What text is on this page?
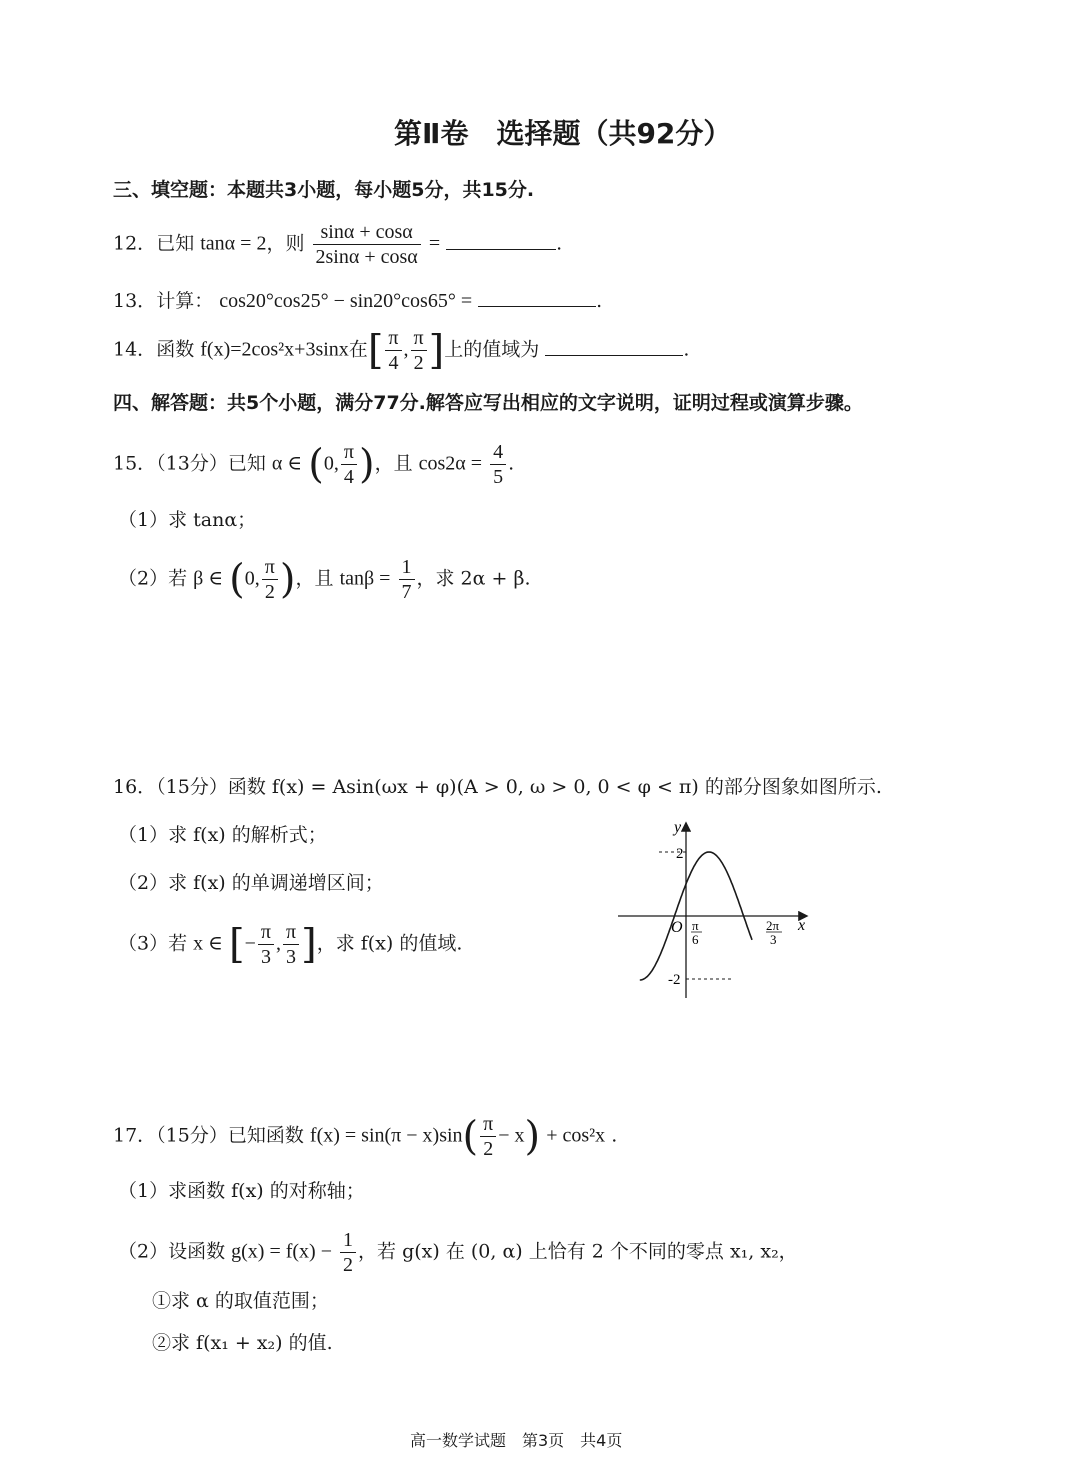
第Ⅱ卷　选择题（共92分）
三、填空题：本题共3小题，每小题5分，共15分.
12．已知 tanα = 2，则 $\frac{\sin\alpha + \cos\alpha}{2\sin\alpha + \cos\alpha}$ =	.
13．计算： cos20°cos25° − sin20°cos65° =	.
14．函数 f(x)=2cos²x+3sinx在[ $\frac{\pi}{4}$ , $\frac{\pi}{2}$ ]上的值域为	.
四、解答题：共5个小题，满分77分.解答应写出相应的文字说明，证明过程或演算步骤。
15．（13分）已知 α ∈ (0, $\frac{\pi}{4}$ )，且 $\cos 2\alpha = \frac{4}{5}$ .
（1）求 tanα；
（2）若 β ∈ (0, $\frac{\pi}{2}$ )，且 $\tan\beta = \frac{1}{7}$ ，求 2α + β.
16．（15分）函数 f(x) = Asin(ωx + φ)(A > 0, ω > 0, 0 < φ < π) 的部分图象如图所示.
（1）求 f(x) 的解析式；
（2）求 f(x) 的单调递增区间；
（3）若 x ∈ [− $\frac{\pi}{3}$ , $\frac{\pi}{3}$ ]，求 f(x) 的值域.
y
x
O
2
-2
π
6
2π
3
17．（15分）已知函数 $f(x) = \sin(\pi - x)\sin( \frac{\pi}{2} - x) + \cos^2x$ .
（1）求函数 f(x) 的对称轴；
（2）设函数 $g(x) = f(x) - \frac{1}{2}$ ，若 g(x) 在 (0, α) 上恰有 2 个不同的零点 x₁, x₂，
①求 α 的取值范围；
②求 f(x₁ + x₂) 的值.
高一数学试题　第3页　共4页
